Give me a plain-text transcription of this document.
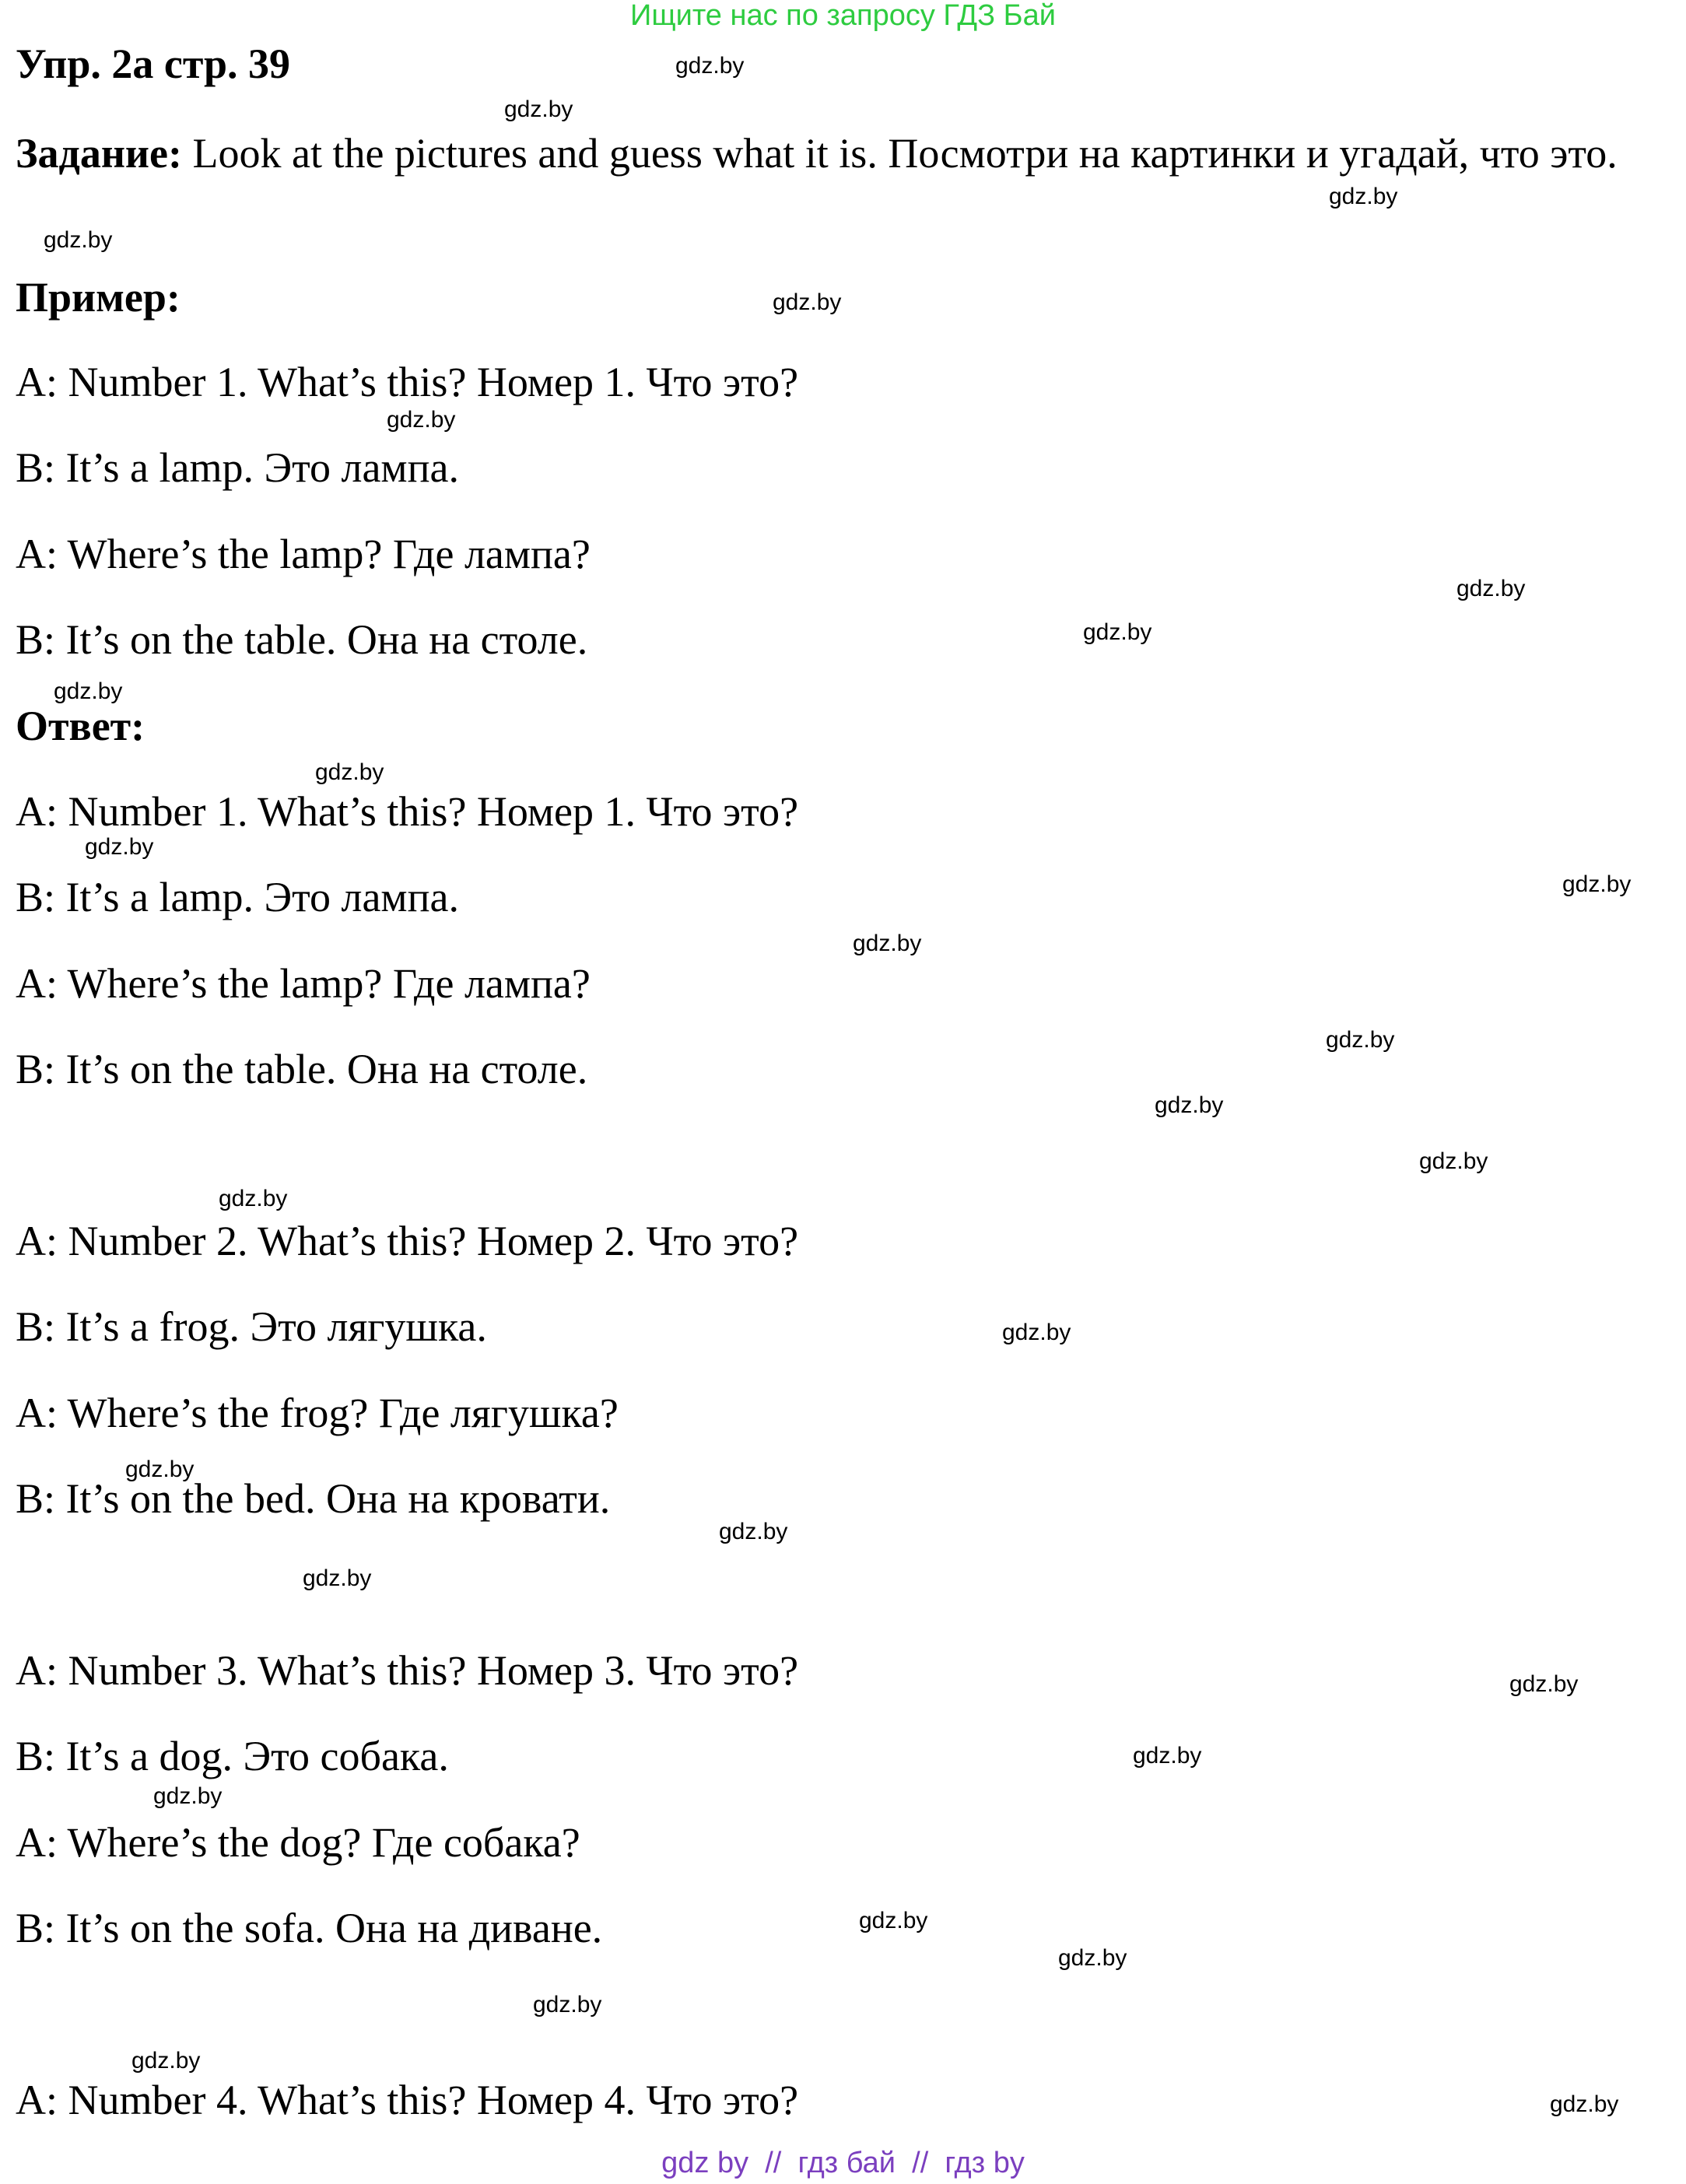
Ищите нас по запросу ГДЗ Бай
Упр. 2а стр. 39
Задание: Look at the pictures and guess what it is. Посмотри на картинки и угадай, что это.
Пример:
A: Number 1. What’s this? Номер 1. Что это?
B: It’s a lamp. Это лампа.
A: Where’s the lamp? Где лампа?
B: It’s on the table. Она на столе.
Ответ:
A: Number 1. What’s this? Номер 1. Что это?
B: It’s a lamp. Это лампа.
A: Where’s the lamp? Где лампа?
B: It’s on the table. Она на столе.
A: Number 2. What’s this? Номер 2. Что это?
B: It’s a frog. Это лягушка.
A: Where’s the frog? Где лягушка?
B: It’s on the bed. Она на кровати.
A: Number 3. What’s this? Номер 3. Что это?
B: It’s a dog. Это собака.
A: Where’s the dog? Где собака?
B: It’s on the sofa. Она на диване.
A: Number 4. What’s this? Номер 4. Что это?
gdz.by
gdz.by
gdz.by
gdz.by
gdz.by
gdz.by
gdz.by
gdz.by
gdz.by
gdz.by
gdz.by
gdz.by
gdz.by
gdz.by
gdz.by
gdz.by
gdz.by
gdz.by
gdz.by
gdz.by
gdz.by
gdz.by
gdz.by
gdz.by
gdz.by
gdz.by
gdz.by
gdz.by
gdz.by
gdz by  //  гдз бай  //  гдз by
